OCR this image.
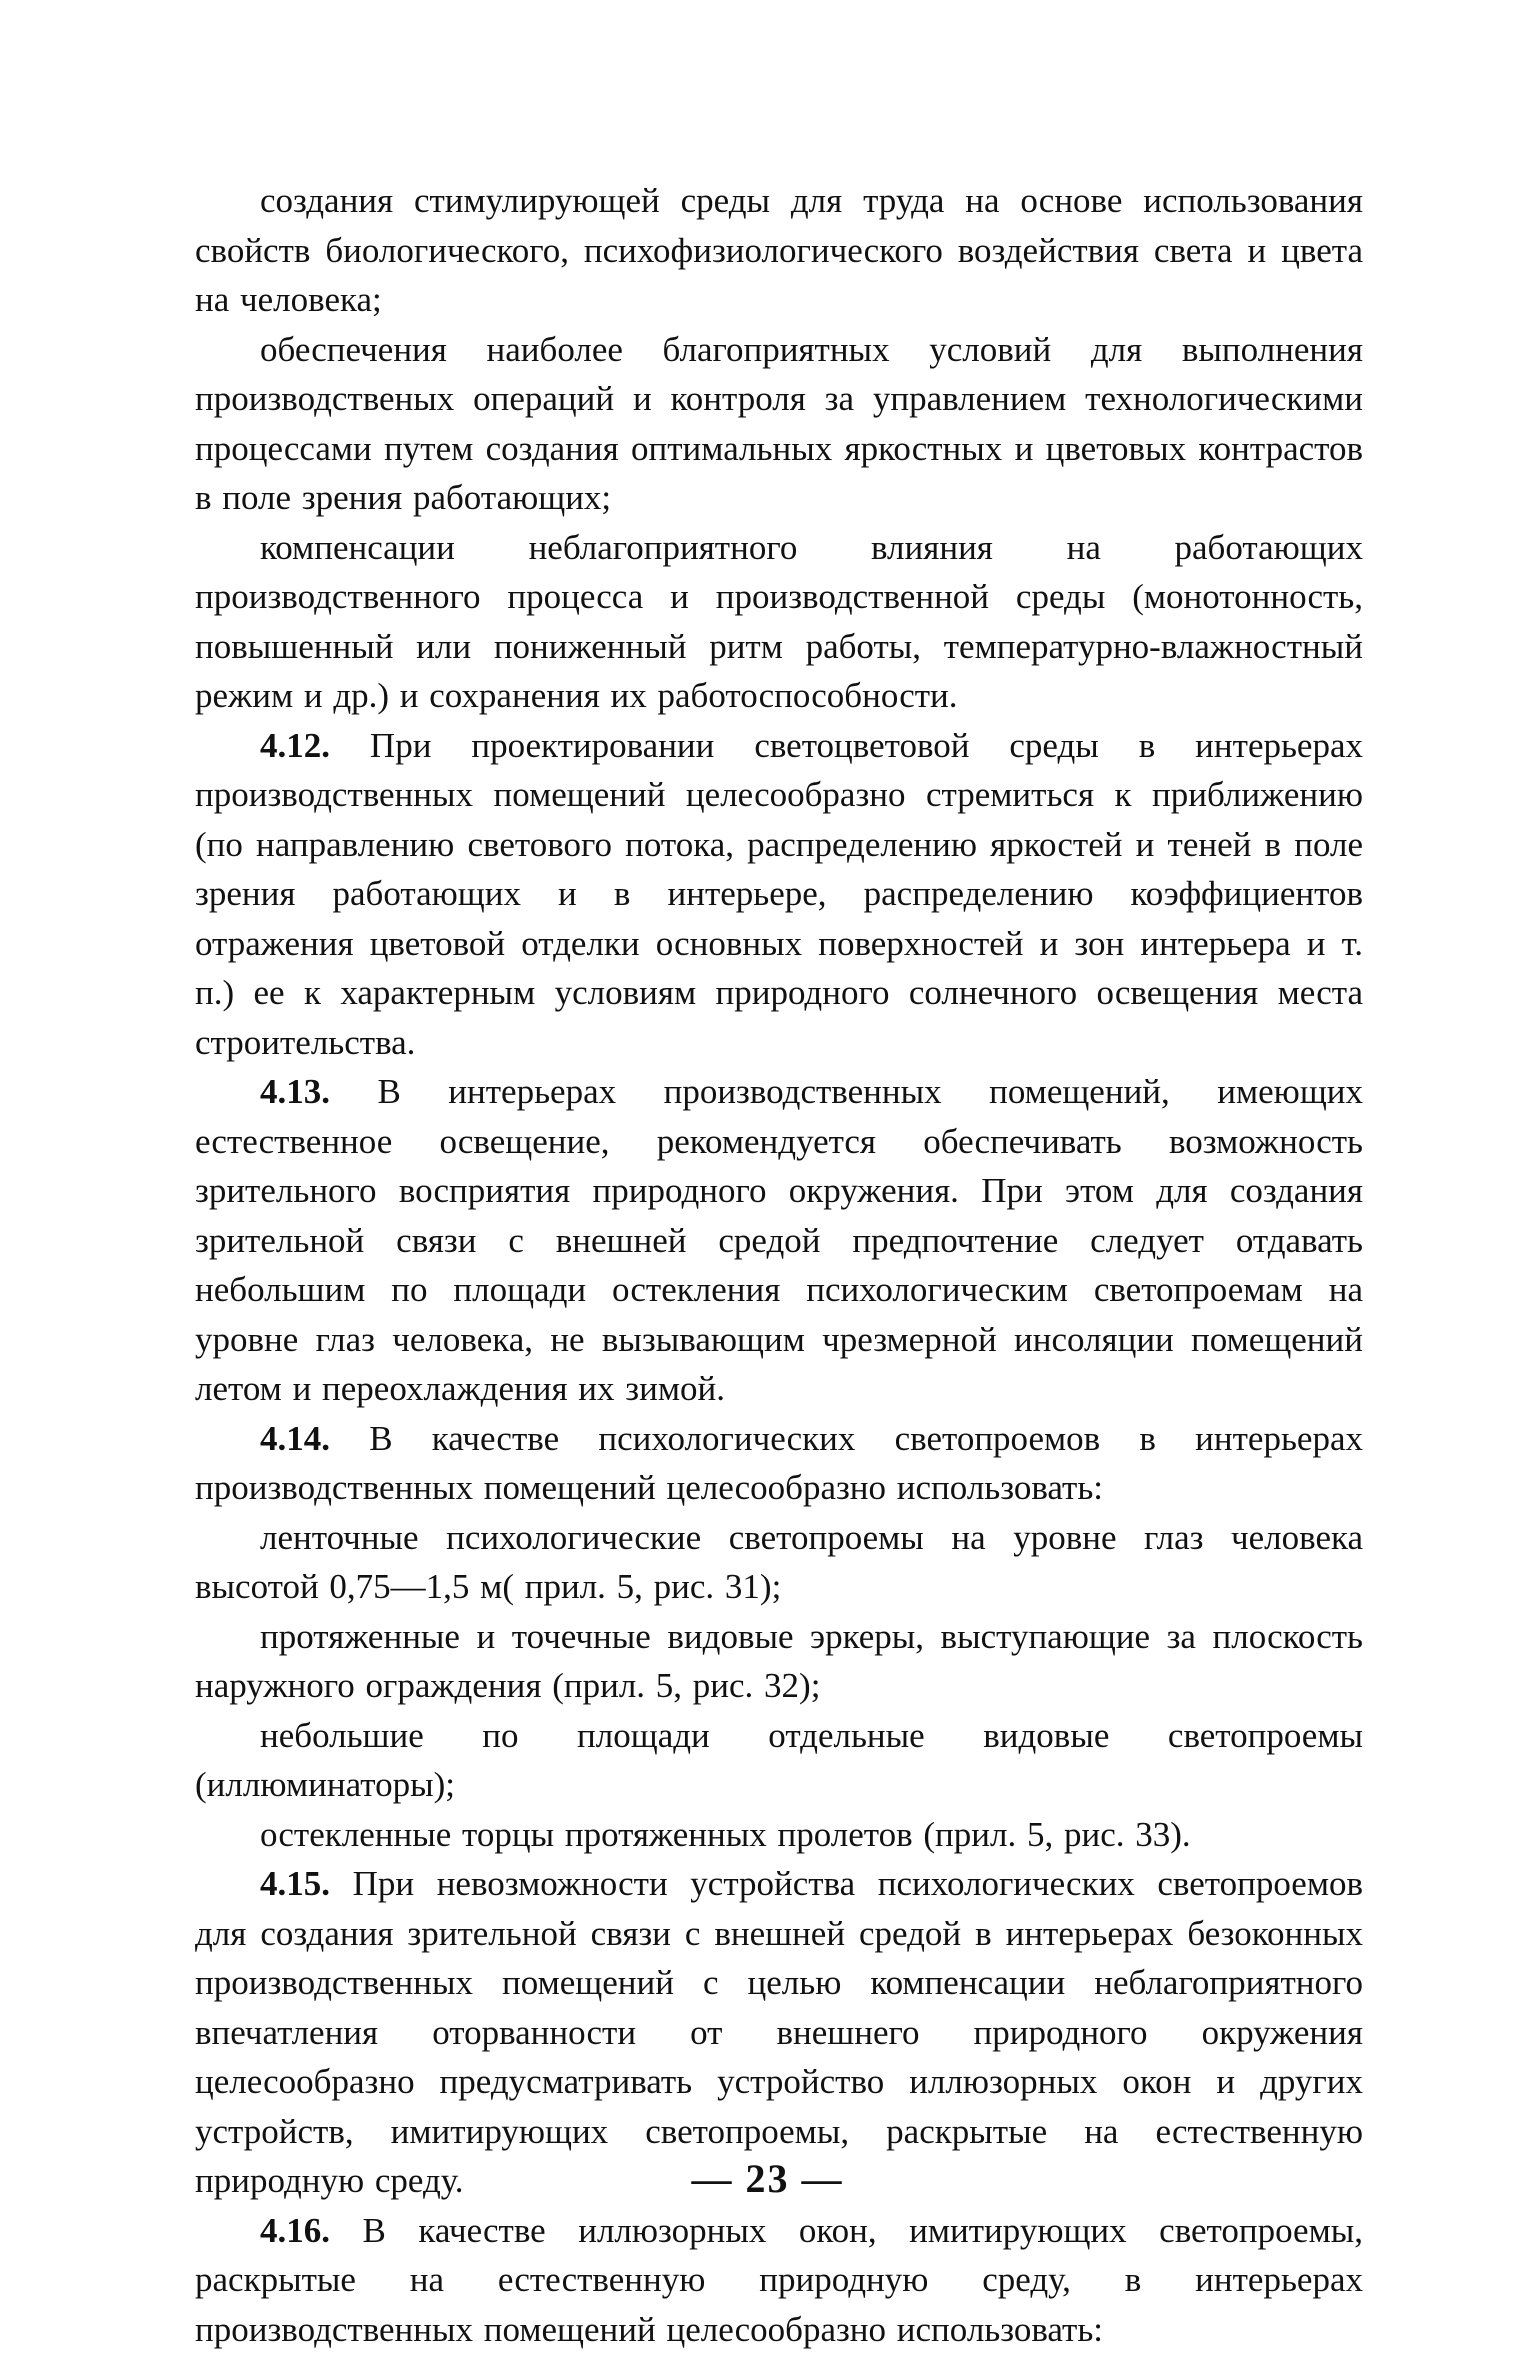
создания стимулирующей среды для труда на основе использования свойств биологического, психофизиологического воздействия света и цвета на человека;

обеспечения наиболее благоприятных условий для выполнения производственых операций и контроля за управлением технологическими процессами путем создания оптимальных яркостных и цветовых контрастов в поле зрения работающих;

компенсации неблагоприятного влияния на работающих производственного процесса и производственной среды (монотонность, повышенный или пониженный ритм работы, температурно-влажностный режим и др.) и сохранения их работоспособности.

4.12. При проектировании светоцветовой среды в интерьерах производственных помещений целесообразно стремиться к приближению (по направлению светового потока, распределению яркостей и теней в поле зрения работающих и в интерьере, распределению коэффициентов отражения цветовой отделки основных поверхностей и зон интерьера и т. п.) ее к характерным условиям природного солнечного освещения места строительства.

4.13. В интерьерах производственных помещений, имеющих естественное освещение, рекомендуется обеспечивать возможность зрительного восприятия природного окружения. При этом для создания зрительной связи с внешней средой предпочтение следует отдавать небольшим по площади остекления психологическим светопроемам на уровне глаз человека, не вызывающим чрезмерной инсоляции помещений летом и переохлаждения их зимой.

4.14. В качестве психологических светопроемов в интерьерах производственных помещений целесообразно использовать:

ленточные психологические светопроемы на уровне глаз человека высотой 0,75—1,5 м( прил. 5, рис. 31);

протяженные и точечные видовые эркеры, выступающие за плоскость наружного ограждения (прил. 5, рис. 32);

небольшие по площади отдельные видовые светопроемы (иллюминаторы);

остекленные торцы протяженных пролетов (прил. 5, рис. 33).

4.15. При невозможности устройства психологических светопроемов для создания зрительной связи с внешней средой в интерьерах безоконных производственных помещений с целью компенсации неблагоприятного впечатления оторванности от внешнего природного окружения целесообразно предусматривать устройство иллюзорных окон и других устройств, имитирующих светопроемы, раскрытые на естественную природную среду.

4.16. В качестве иллюзорных окон, имитирующих светопроемы, раскрытые на естественную природную среду, в интерьерах производственных помещений целесообразно использовать:

— 23 —
